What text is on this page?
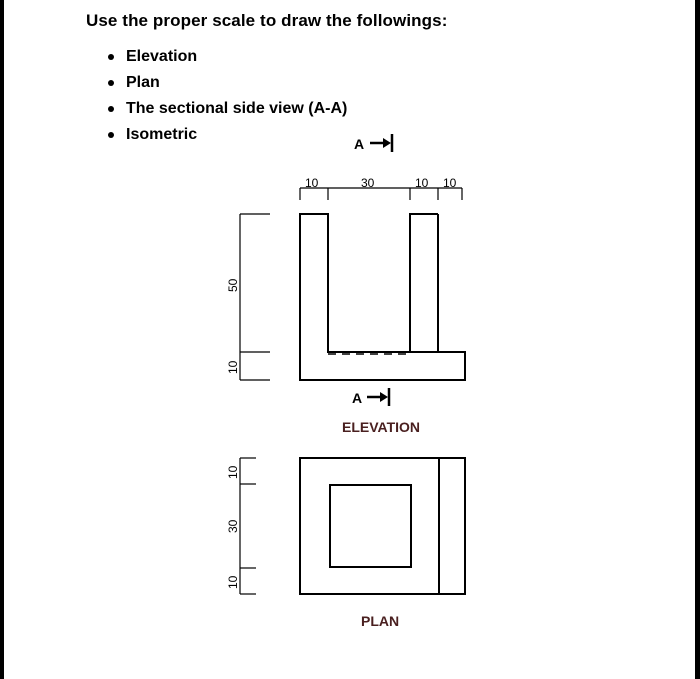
Use the proper scale to draw the followings:
Elevation
Plan
The sectional side view (A-A)
Isometric
A
10	30	10 10
50
10
A
ELEVATION
10
30
10
PLAN
